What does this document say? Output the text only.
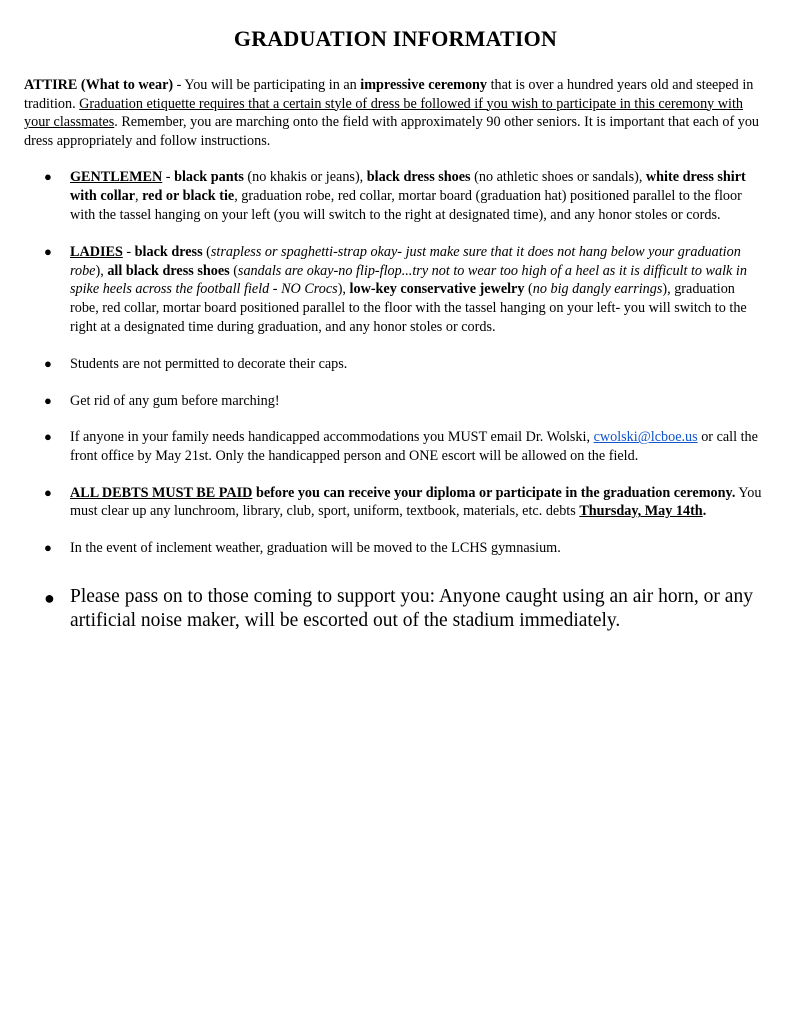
GRADUATION INFORMATION

ATTIRE (What to wear) - You will be participating in an impressive ceremony that is over a hundred years old and steeped in tradition. Graduation etiquette requires that a certain style of dress be followed if you wish to participate in this ceremony with your classmates. Remember, you are marching onto the field with approximately 90 other seniors. It is important that each of you dress appropriately and follow instructions.

● GENTLEMEN - black pants (no khakis or jeans), black dress shoes (no athletic shoes or sandals), white dress shirt with collar, red or black tie, graduation robe, red collar, mortar board (graduation hat) positioned parallel to the floor with the tassel hanging on your left (you will switch to the right at designated time), and any honor stoles or cords.
● LADIES - black dress (strapless or spaghetti-strap okay- just make sure that it does not hang below your graduation robe), all black dress shoes (sandals are okay-no flip-flop...try not to wear too high of a heel as it is difficult to walk in spike heels across the football field - NO Crocs), low-key conservative jewelry (no big dangly earrings), graduation robe, red collar, mortar board positioned parallel to the floor with the tassel hanging on your left- you will switch to the right at a designated time during graduation, and any honor stoles or cords.
● Students are not permitted to decorate their caps.
● Get rid of any gum before marching!
● If anyone in your family needs handicapped accommodations you MUST email Dr. Wolski, cwolski@lcboe.us or call the front office by May 21st. Only the handicapped person and ONE escort will be allowed on the field.
● ALL DEBTS MUST BE PAID before you can receive your diploma or participate in the graduation ceremony. You must clear up any lunchroom, library, club, sport, uniform, textbook, materials, etc. debts Thursday, May 14th.
● In the event of inclement weather, graduation will be moved to the LCHS gymnasium.
● Please pass on to those coming to support you: Anyone caught using an air horn, or any artificial noise maker, will be escorted out of the stadium immediately.
